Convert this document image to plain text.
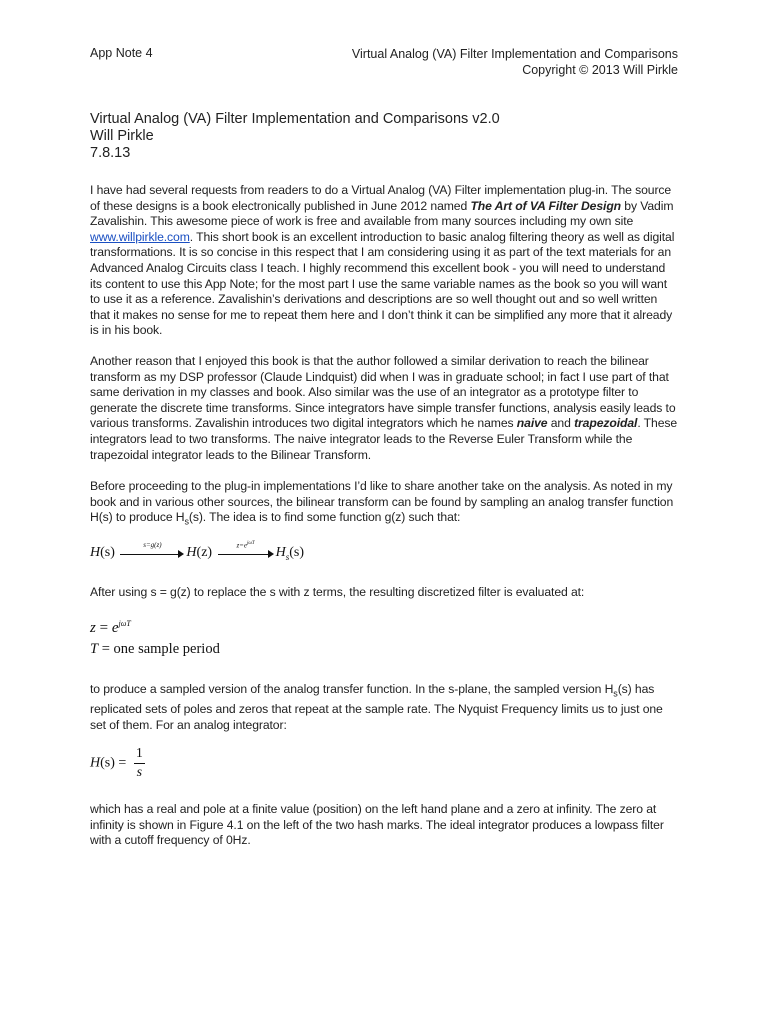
App Note 4	Virtual Analog (VA) Filter Implementation and Comparisons
Copyright © 2013 Will Pirkle
Virtual Analog (VA) Filter Implementation and Comparisons v2.0
Will Pirkle
7.8.13

I have had several requests from readers to do a Virtual Analog (VA) Filter implementation plug-in. The source of these designs is a book electronically published in June 2012 named The Art of VA Filter Design by Vadim Zavalishin. This awesome piece of work is free and available from many sources including my own site www.willpirkle.com. This short book is an excellent introduction to basic analog filtering theory as well as digital transformations. It is so concise in this respect that I am considering using it as part of the text materials for an Advanced Analog Circuits class I teach. I highly recommend this excellent book - you will need to understand its content to use this App Note; for the most part I use the same variable names as the book so you will want to use it as a reference. Zavalishin’s derivations and descriptions are so well thought out and so well written that it makes no sense for me to repeat them here and I don’t think it can be simplified any more that it already is in his book.

Another reason that I enjoyed this book is that the author followed a similar derivation to reach the bilinear transform as my DSP professor (Claude Lindquist) did when I was in graduate school; in fact I use part of that same derivation in my classes and book. Also similar was the use of an integrator as a prototype filter to generate the discrete time transforms. Since integrators have simple transfer functions, analysis easily leads to various transforms. Zavalishin introduces two digital integrators which he names naive and trapezoidal. These integrators lead to two transforms. The naive integrator leads to the Reverse Euler Transform while the trapezoidal integrator leads to the Bilinear Transform.

Before proceeding to the plug-in implementations I’d like to share another take on the analysis. As noted in my book and in various other sources, the bilinear transform can be found by sampling an analog transfer function H(s) to produce $H_s(s)$. The idea is to find some function g(z) such that:

H(s)
s=g(z)
H(z)	$z=e^{j\omega T}$
$H_s(s)$

After using s = g(z) to replace the s with z terms, the resulting discretized filter is evaluated at:

$z = e^{j\omega T}$
T = one sample period

to produce a sampled version of the analog transfer function. In the s-plane, the sampled version $H_s(s)$ has replicated sets of poles and zeros that repeat at the sample rate. The Nyquist Frequency limits us to just one set of them. For an analog integrator:

$H(s) = \frac{1}{s}$

which has a real and pole at a finite value (position) on the left hand plane and a zero at infinity. The zero at infinity is shown in Figure 4.1 on the left of the two hash marks. The ideal integrator produces a lowpass filter with a cutoff frequency of 0Hz.
